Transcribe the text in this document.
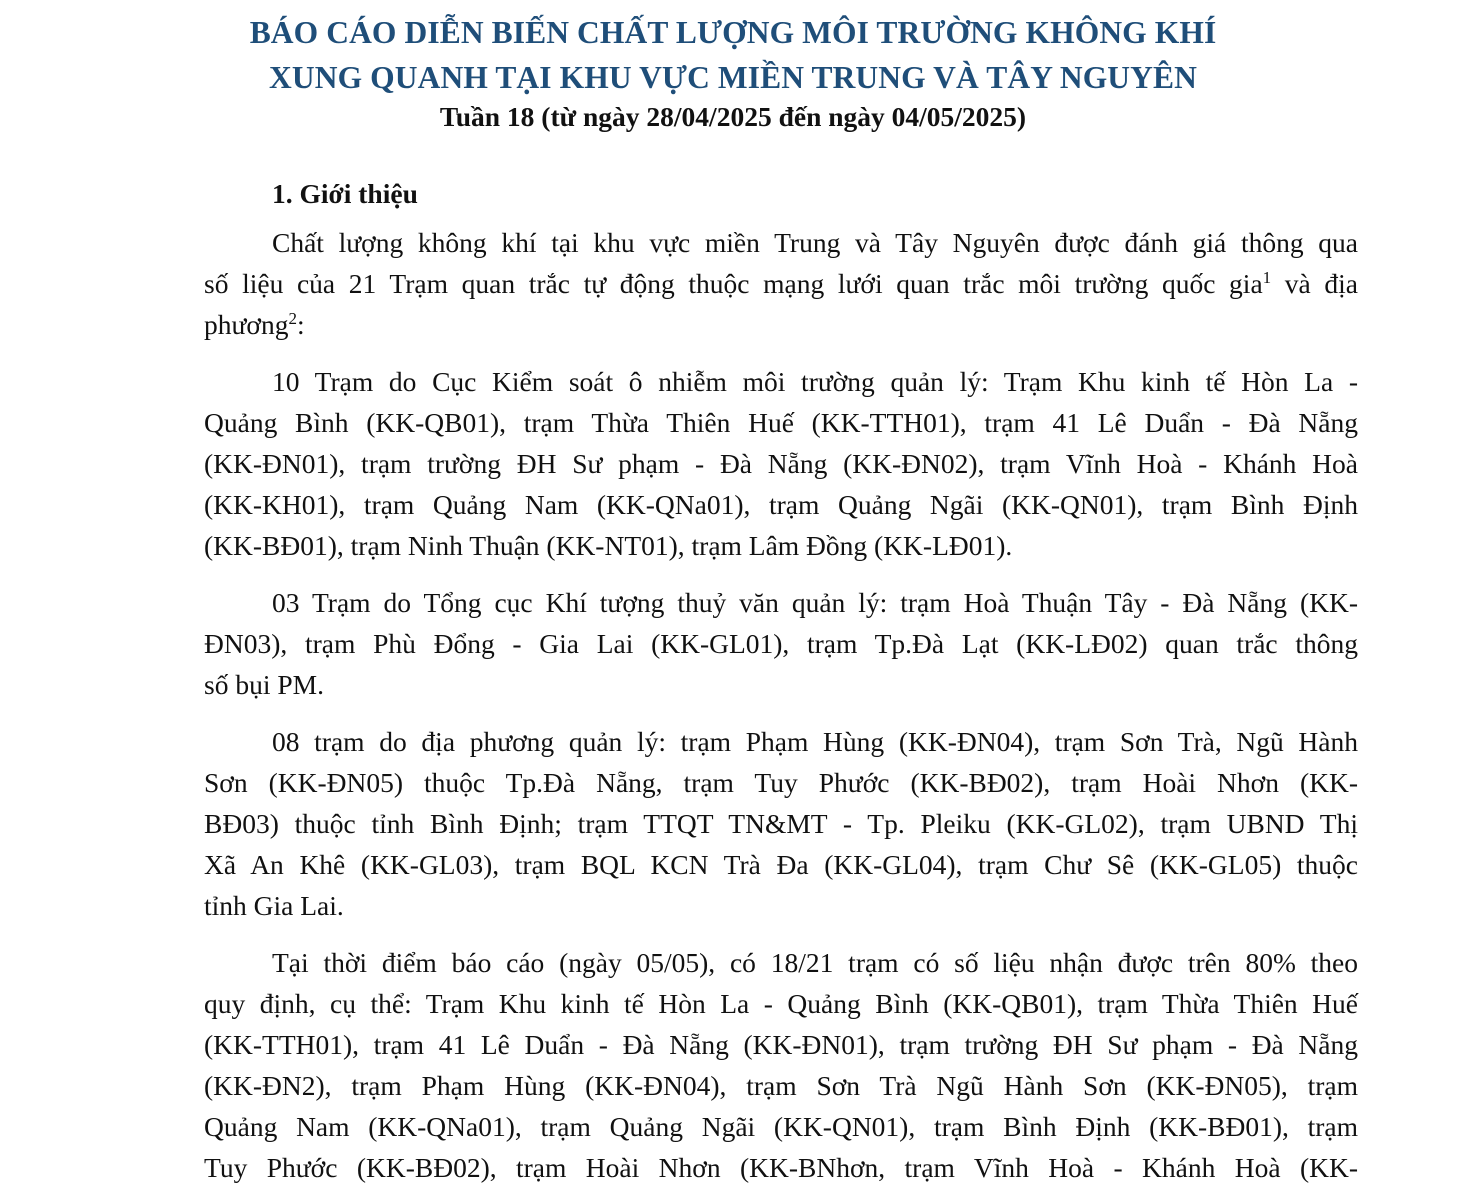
BÁO CÁO DIỄN BIẾN CHẤT LƯỢNG MÔI TRƯỜNG KHÔNG KHÍ
XUNG QUANH TẠI KHU VỰC MIỀN TRUNG VÀ TÂY NGUYÊN

Tuần 18 (từ ngày 28/04/2025 đến ngày 04/05/2025)

1. Giới thiệu

Chất lượng không khí tại khu vực miền Trung và Tây Nguyên được đánh giá thông qua
số liệu của 21 Trạm quan trắc tự động thuộc mạng lưới quan trắc môi trường quốc gia$^1$ và địa
phương$^2$:

10 Trạm do Cục Kiểm soát ô nhiễm môi trường quản lý: Trạm Khu kinh tế Hòn La -
Quảng Bình (KK-QB01), trạm Thừa Thiên Huế (KK-TTH01), trạm 41 Lê Duẩn - Đà Nẵng
(KK-ĐN01), trạm trường ĐH Sư phạm - Đà Nẵng (KK-ĐN02), trạm Vĩnh Hoà - Khánh Hoà
(KK-KH01), trạm Quảng Nam (KK-QNa01), trạm Quảng Ngãi (KK-QN01), trạm Bình Định
(KK-BĐ01), trạm Ninh Thuận (KK-NT01), trạm Lâm Đồng (KK-LĐ01).

03 Trạm do Tổng cục Khí tượng thuỷ văn quản lý: trạm Hoà Thuận Tây - Đà Nẵng (KK-
ĐN03), trạm Phù Đổng - Gia Lai (KK-GL01), trạm Tp.Đà Lạt (KK-LĐ02) quan trắc thông
số bụi PM.

08 trạm do địa phương quản lý: trạm Phạm Hùng (KK-ĐN04), trạm Sơn Trà, Ngũ Hành
Sơn (KK-ĐN05) thuộc Tp.Đà Nẵng, trạm Tuy Phước (KK-BĐ02), trạm Hoài Nhơn (KK-
BĐ03) thuộc tỉnh Bình Định; trạm TTQT TN&MT - Tp. Pleiku (KK-GL02), trạm UBND Thị
Xã An Khê (KK-GL03), trạm BQL KCN Trà Đa (KK-GL04), trạm Chư Sê (KK-GL05) thuộc
tỉnh Gia Lai.

Tại thời điểm báo cáo (ngày 05/05), có 18/21 trạm có số liệu nhận được trên 80% theo
quy định, cụ thể: Trạm Khu kinh tế Hòn La - Quảng Bình (KK-QB01), trạm Thừa Thiên Huế
(KK-TTH01), trạm 41 Lê Duẩn - Đà Nẵng (KK-ĐN01), trạm trường ĐH Sư phạm - Đà Nẵng
(KK-ĐN2), trạm Phạm Hùng (KK-ĐN04), trạm Sơn Trà Ngũ Hành Sơn (KK-ĐN05), trạm
Quảng Nam (KK-QNa01), trạm Quảng Ngãi (KK-QN01), trạm Bình Định (KK-BĐ01), trạm
Tuy Phước (KK-BĐ02), trạm Hoài Nhơn (KK-BNhơn, trạm Vĩnh Hoà - Khánh Hoà (KK-
